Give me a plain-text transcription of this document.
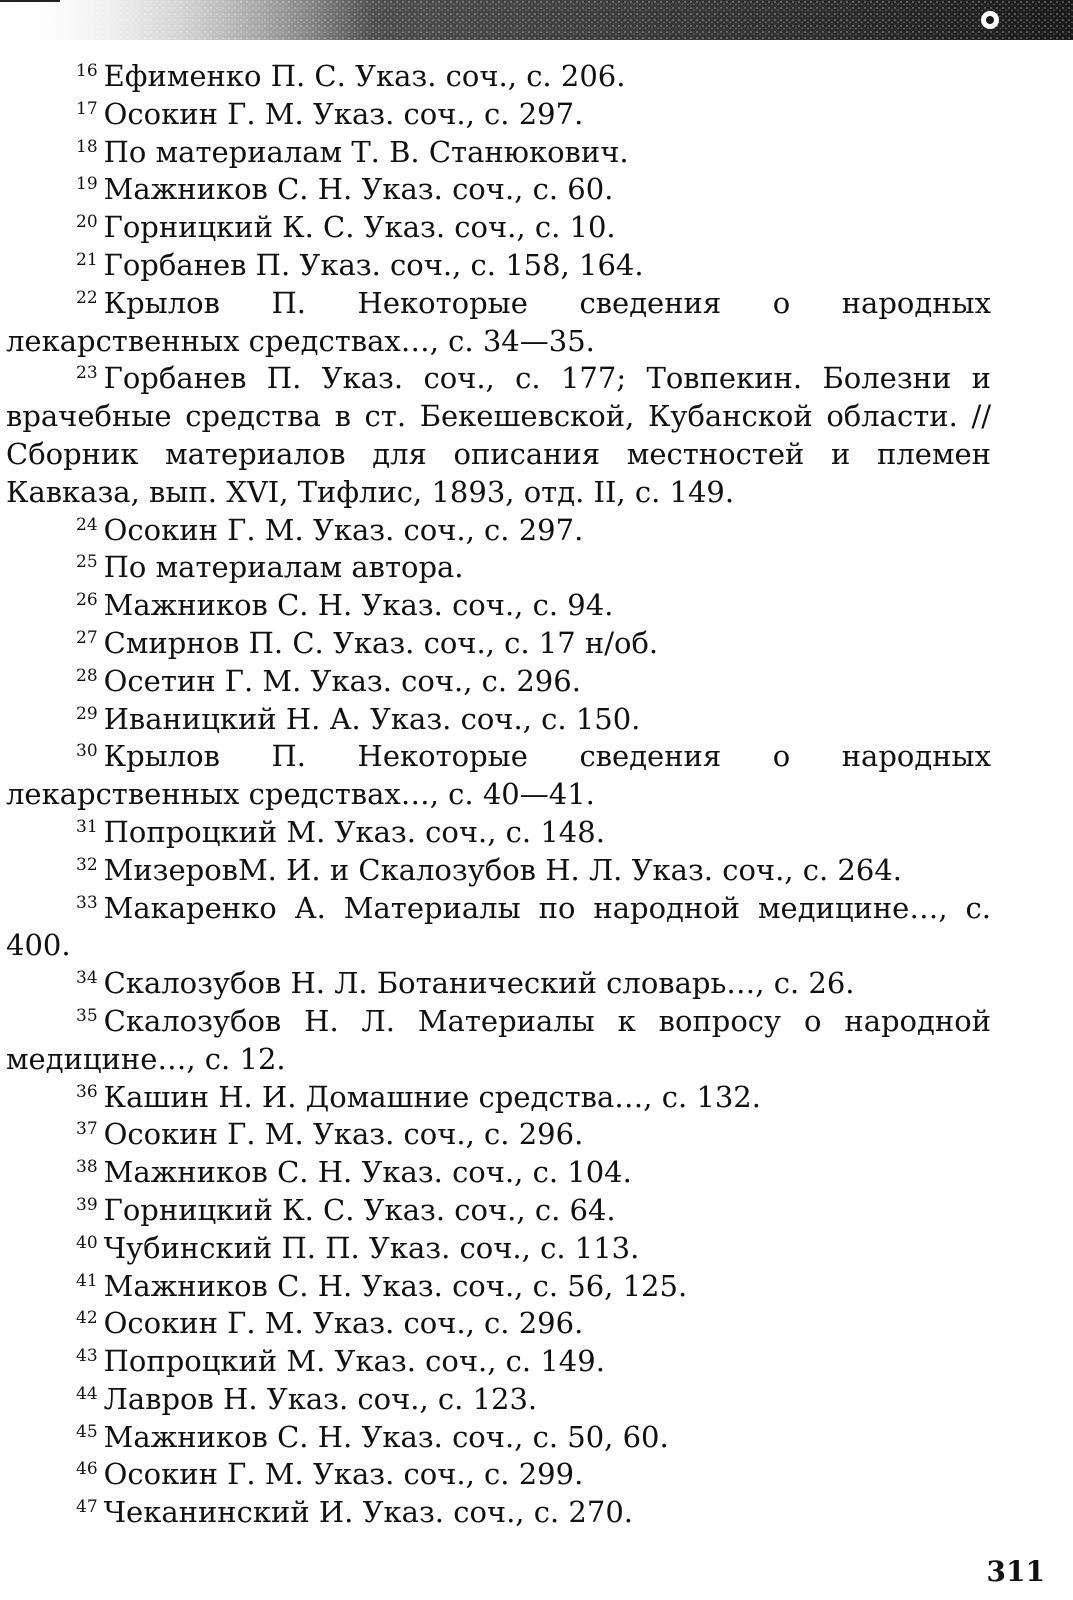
$^{16}$ Ефименко П. С. Указ. соч., с. 206.
$^{17}$ Осокин Г. М. Указ. соч., с. 297.
$^{18}$ По материалам Т. В. Станюкович.
$^{19}$ Мажников С. Н. Указ. соч., с. 60.
$^{20}$ Горницкий К. С. Указ. соч., с. 10.
$^{21}$ Горбанев П. Указ. соч., с. 158, 164.
$^{22}$ Крылов П. Некоторые сведения о народных лекарственных средствах…, с. 34—35.
$^{23}$ Горбанев П. Указ. соч., с. 177; Товпекин. Болезни и врачебные средства в ст. Бекешевской, Кубанской области. // Сборник материалов для описания местностей и племен Кавказа, вып. XVI, Тифлис, 1893, отд. II, с. 149.
$^{24}$ Осокин Г. М. Указ. соч., с. 297.
$^{25}$ По материалам автора.
$^{26}$ Мажников С. Н. Указ. соч., с. 94.
$^{27}$ Смирнов П. С. Указ. соч., с. 17 н/об.
$^{28}$ Осетин Г. М. Указ. соч., с. 296.
$^{29}$ Иваницкий Н. А. Указ. соч., с. 150.
$^{30}$ Крылов П. Некоторые сведения о народных лекарственных средствах…, с. 40—41.
$^{31}$ Попроцкий М. Указ. соч., с. 148.
$^{32}$ МизеровМ. И. и Скалозубов Н. Л. Указ. соч., с. 264.
$^{33}$ Макаренко А. Материалы по народной медицине…, с. 400.
$^{34}$ Скалозубов Н. Л. Ботанический словарь…, с. 26.
$^{35}$ Скалозубов Н. Л. Материалы к вопросу о народной медицине…, с. 12.
$^{36}$ Кашин Н. И. Домашние средства…, с. 132.
$^{37}$ Осокин Г. М. Указ. соч., с. 296.
$^{38}$ Мажников С. Н. Указ. соч., с. 104.
$^{39}$ Горницкий К. С. Указ. соч., с. 64.
$^{40}$ Чубинский П. П. Указ. соч., с. 113.
$^{41}$ Мажников С. Н. Указ. соч., с. 56, 125.
$^{42}$ Осокин Г. М. Указ. соч., с. 296.
$^{43}$ Попроцкий М. Указ. соч., с. 149.
$^{44}$ Лавров Н. Указ. соч., с. 123.
$^{45}$ Мажников С. Н. Указ. соч., с. 50, 60.
$^{46}$ Осокин Г. М. Указ. соч., с. 299.
$^{47}$ Чеканинский И. Указ. соч., с. 270.
311
